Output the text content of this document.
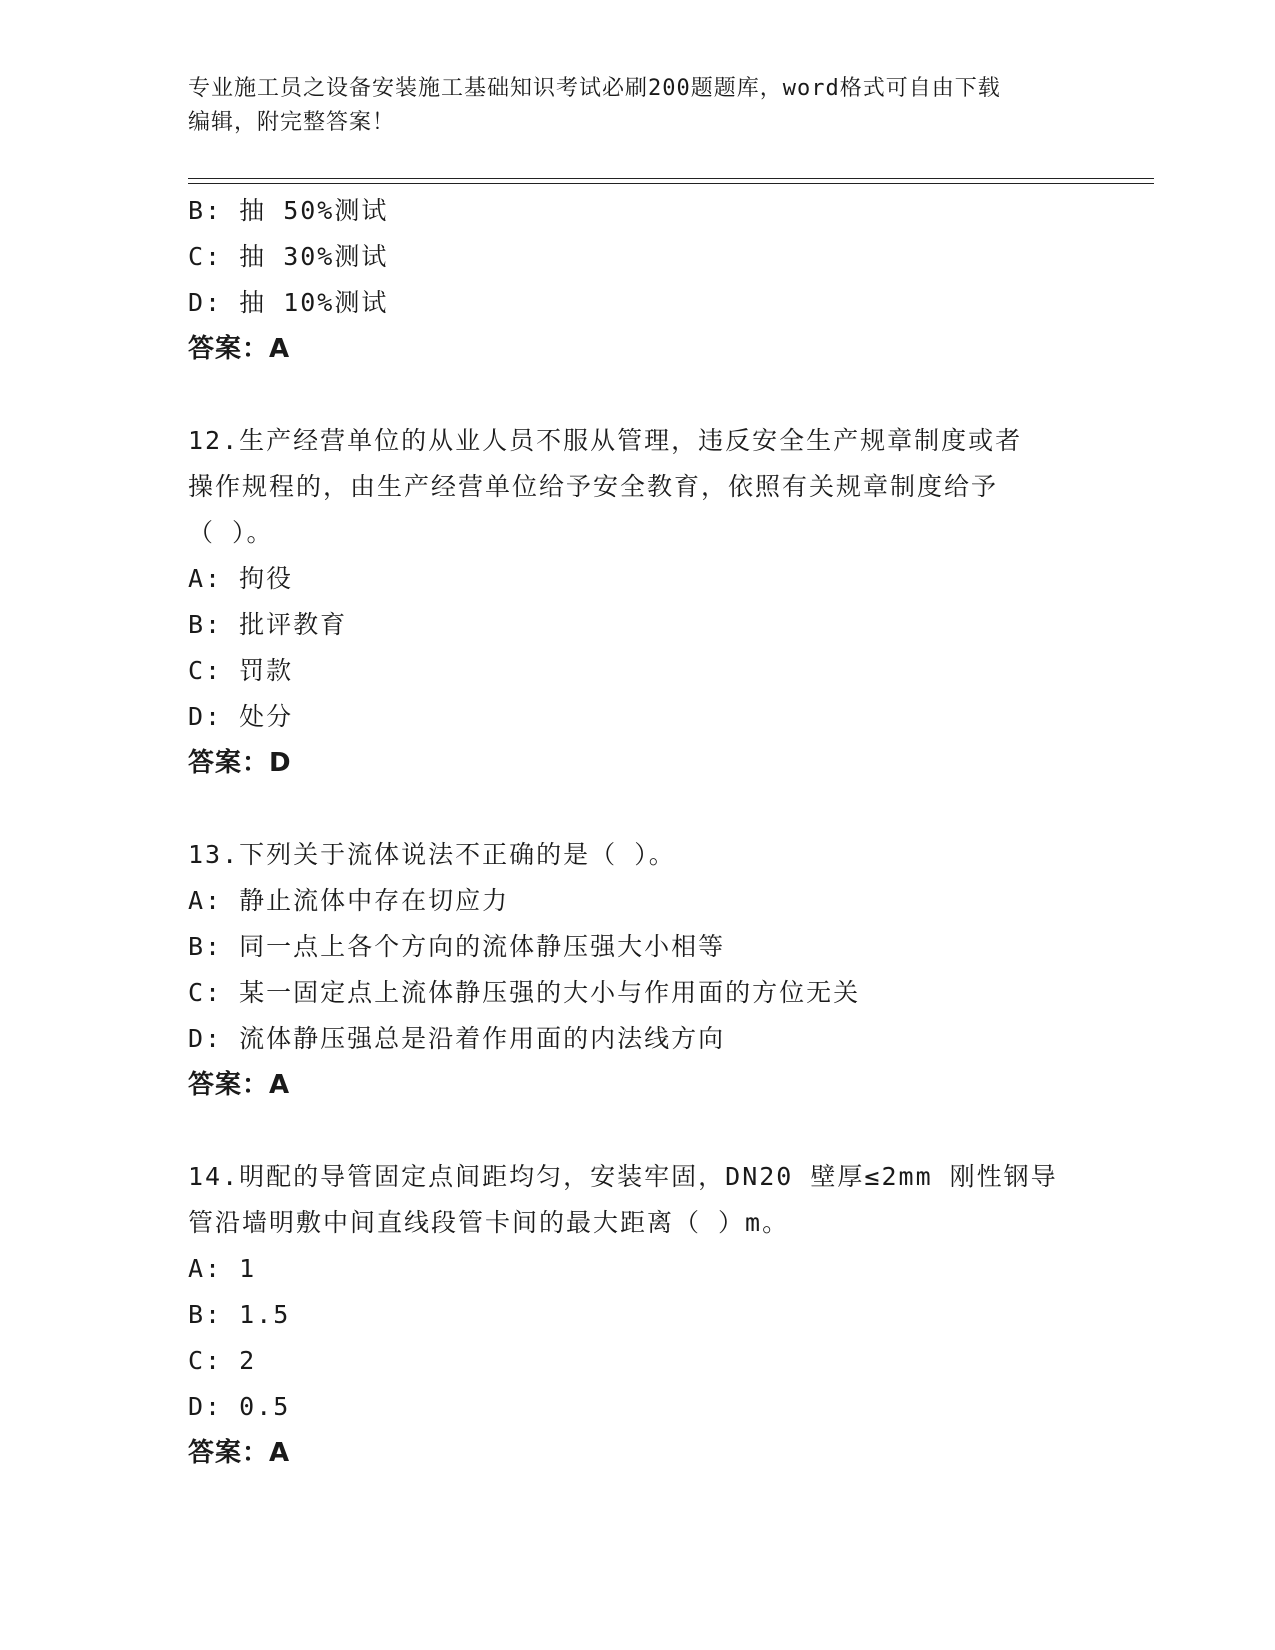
专业施工员之设备安装施工基础知识考试必刷200题题库，word格式可自由下载
编辑，附完整答案！
B: 抽 50%测试
C: 抽 30%测试
D: 抽 10%测试
答案：A
12.生产经营单位的从业人员不服从管理，违反安全生产规章制度或者
操作规程的，由生产经营单位给予安全教育，依照有关规章制度给予
（ ）。
A: 拘役
B: 批评教育
C: 罚款
D: 处分
答案：D
13.下列关于流体说法不正确的是（ ）。
A: 静止流体中存在切应力
B: 同一点上各个方向的流体静压强大小相等
C: 某一固定点上流体静压强的大小与作用面的方位无关
D: 流体静压强总是沿着作用面的内法线方向
答案：A
14.明配的导管固定点间距均匀，安装牢固，DN20 壁厚≤2mm 刚性钢导
管沿墙明敷中间直线段管卡间的最大距离（ ）m。
A: 1
B: 1.5
C: 2
D: 0.5
答案：A
